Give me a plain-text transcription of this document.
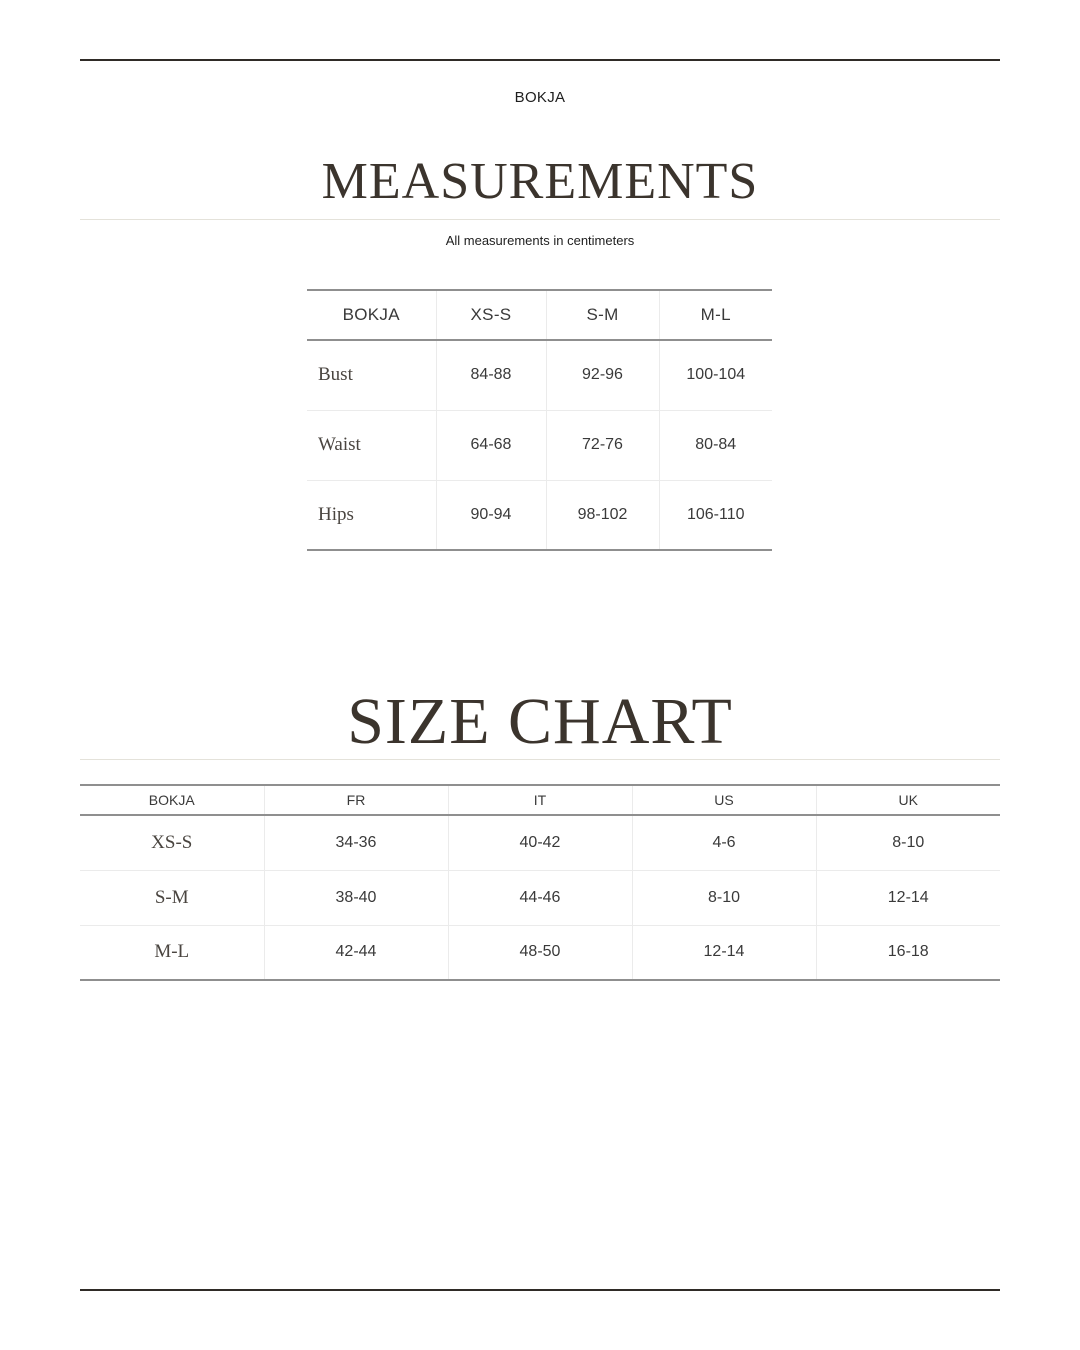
BOKJA
MEASUREMENTS
All measurements in centimeters
BOKJA	XS-S	S-M	M-L
Bust	84-88	92-96	100-104
Waist	64-68	72-76	80-84
Hips	90-94	98-102	106-110
SIZE CHART
BOKJA	FR	IT	US	UK
XS-S	34-36	40-42	4-6	8-10
S-M	38-40	44-46	8-10	12-14
M-L	42-44	48-50	12-14	16-18
